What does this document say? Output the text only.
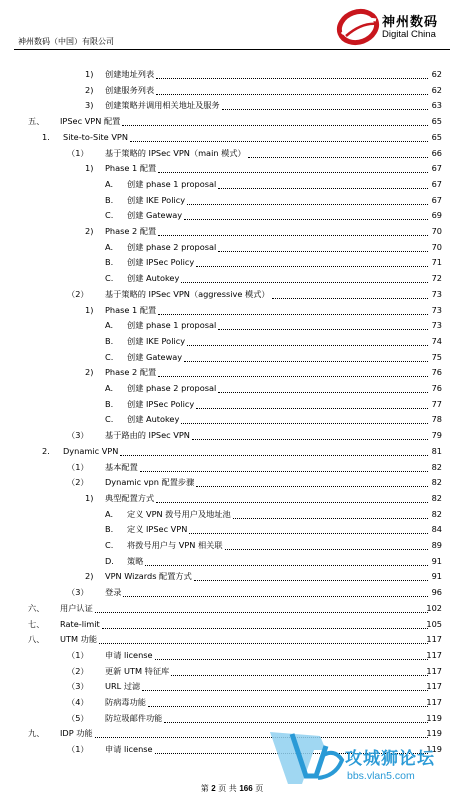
神州数码（中国）有限公司
神州数码
Digital China
1) 创建地址列表	62
2) 创建服务列表	62
3) 创建策略并调用相关地址及服务	63
五、 IPSec VPN 配置	65
1. Site-to-Site VPN	65
（1） 基于策略的 IPSec VPN（main 模式）	66
1) Phase 1 配置	67
A. 创建 phase 1 proposal	67
B. 创建 IKE Policy	67
C. 创建 Gateway	69
2) Phase 2 配置	70
A. 创建 phase 2 proposal	70
B. 创建 IPSec Policy	71
C. 创建 Autokey	72
（2） 基于策略的 IPSec VPN（aggressive 模式）	73
1) Phase 1 配置	73
A. 创建 phase 1 proposal	73
B. 创建 IKE Policy	74
C. 创建 Gateway	75
2) Phase 2 配置	76
A. 创建 phase 2 proposal	76
B. 创建 IPSec Policy	77
C. 创建 Autokey	78
（3） 基于路由的 IPSec VPN	79
2. Dynamic VPN	81
（1） 基本配置	82
（2） Dynamic vpn 配置步骤	82
1) 典型配置方式	82
A. 定义 VPN 拨号用户及地址池	82
B. 定义 IPSec VPN	84
C. 将拨号用户与 VPN 相关联	89
D. 策略	91
2) VPN Wizards 配置方式	91
（3） 登录	96
六、 用户认证	102
七、 Rate-limit	105
八、 UTM 功能	117
（1） 申请 license	117
（2） 更新 UTM 特征库	117
（3） URL 过滤	117
（4） 防病毒功能	117
（5） 防垃圾邮件功能	119
九、 IDP 功能	119
（1） 申请 license	119
第 2 页 共 166 页
攻城狮论坛
bbs.vlan5.com
